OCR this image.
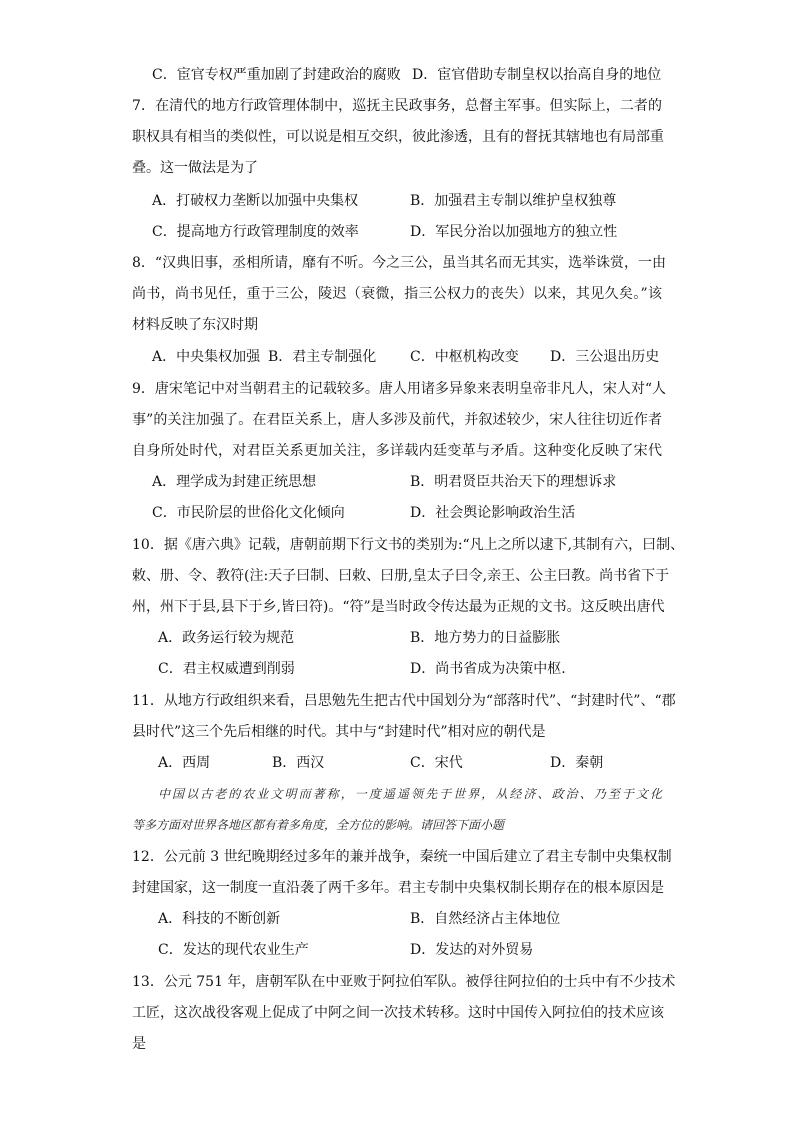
C．宦官专权严重加剧了封建政治的腐败 D．宦官借助专制皇权以抬高自身的地位
7．在清代的地方行政管理体制中，巡抚主民政事务，总督主军事。但实际上，二者的
职权具有相当的类似性，可以说是相互交织，彼此渗透，且有的督抚其辖地也有局部重
叠。这一做法是为了
A．打破权力垄断以加强中央集权	B．加强君主专制以维护皇权独尊
C．提高地方行政管理制度的效率	D．军民分治以加强地方的独立性
8．“汉典旧事，丞相所请，靡有不听。今之三公，虽当其名而无其实，选举诛赏，一由
尚书，尚书见任，重于三公，陵迟（衰微，指三公权力的丧失）以来，其见久矣。”该
材料反映了东汉时期
A．中央集权加强 B．君主专制强化 C．中枢机构改变 D．三公退出历史
9．唐宋笔记中对当朝君主的记载较多。唐人用诸多异象来表明皇帝非凡人，宋人对“人
事”的关注加强了。在君臣关系上，唐人多涉及前代，并叙述较少，宋人往往切近作者
自身所处时代，对君臣关系更加关注，多详载内廷变革与矛盾。这种变化反映了宋代
A．理学成为封建正统思想	B．明君贤臣共治天下的理想诉求
C．市民阶层的世俗化文化倾向	D．社会舆论影响政治生活
10．据《唐六典》记载，唐朝前期下行文书的类别为:“凡上之所以逮下,其制有六，曰制、
敕、册、令、教符(注:天子曰制、曰敕、曰册,皇太子曰令,亲王、公主曰教。尚书省下于
州，州下于县,县下于乡,皆曰符)。“符”是当时政令传达最为正规的文书。这反映出唐代
A．政务运行较为规范	B．地方势力的日益膨胀
C．君主权威遭到削弱	D．尚书省成为决策中枢.
11．从地方行政组织来看，吕思勉先生把古代中国划分为“部落时代”、“封建时代”、“郡
县时代”这三个先后相继的时代。其中与“封建时代”相对应的朝代是
A．西周	B．西汉	C．宋代	D．秦朝
中国以古老的农业文明而著称，一度遥遥领先于世界，从经济、政治、乃至于文化
等多方面对世界各地区都有着多角度，全方位的影响。请回答下面小题
12．公元前 3 世纪晚期经过多年的兼并战争，秦统一中国后建立了君主专制中央集权制
封建国家，这一制度一直沿袭了两千多年。君主专制中央集权制长期存在的根本原因是
A．科技的不断创新	B．自然经济占主体地位
C．发达的现代农业生产	D．发达的对外贸易
13．公元 751 年，唐朝军队在中亚败于阿拉伯军队。被俘往阿拉伯的士兵中有不少技术
工匠，这次战役客观上促成了中阿之间一次技术转移。这时中国传入阿拉伯的技术应该
是
